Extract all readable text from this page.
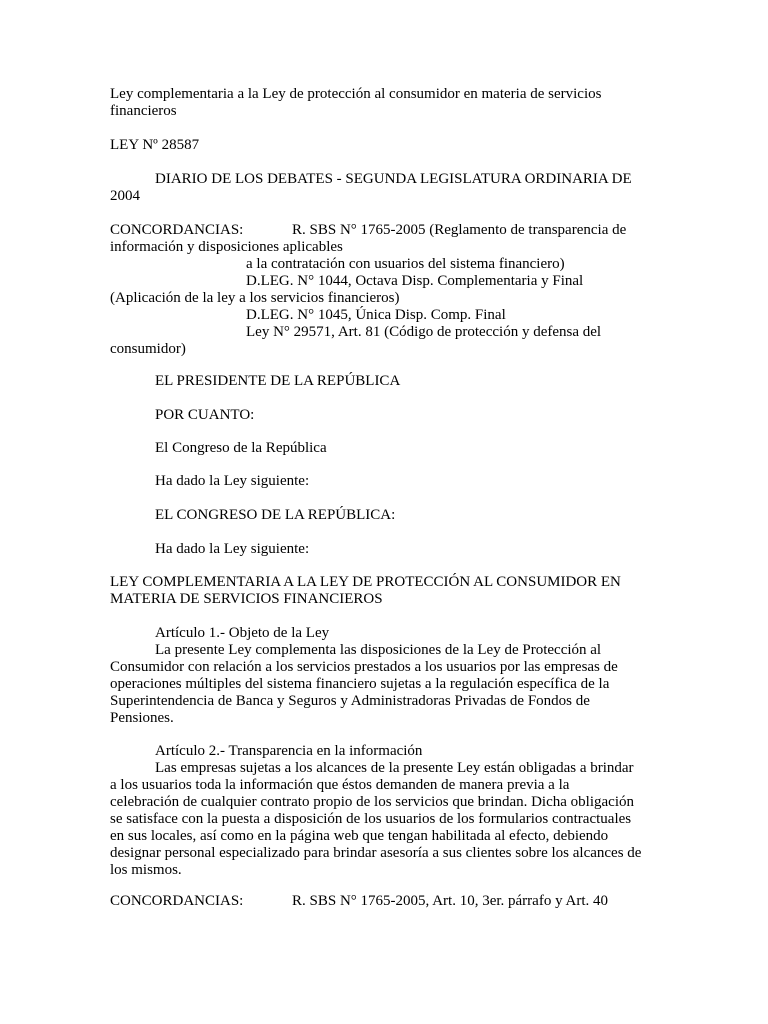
Ley complementaria a la Ley de protección al consumidor en materia de servicios

financieros

LEY Nº 28587

DIARIO DE LOS DEBATES - SEGUNDA LEGISLATURA ORDINARIA DE

2004

CONCORDANCIAS:	R. SBS N° 1765-2005 (Reglamento de transparencia de

información y disposiciones aplicables

a la contratación con usuarios del sistema financiero)

D.LEG. N° 1044, Octava Disp. Complementaria y Final

(Aplicación de la ley a los servicios financieros)

D.LEG. N° 1045, Única Disp. Comp. Final

Ley N° 29571, Art. 81 (Código de protección y defensa del

consumidor)

EL PRESIDENTE DE LA REPÚBLICA

POR CUANTO:

El Congreso de la República

Ha dado la Ley siguiente:

EL CONGRESO DE LA REPÚBLICA:

Ha dado la Ley siguiente:

LEY COMPLEMENTARIA A LA LEY DE PROTECCIÓN AL CONSUMIDOR EN

MATERIA DE SERVICIOS FINANCIEROS

Artículo 1.- Objeto de la Ley

La presente Ley complementa las disposiciones de la Ley de Protección al

Consumidor con relación a los servicios prestados a los usuarios por las empresas de

operaciones múltiples del sistema financiero sujetas a la regulación específica de la

Superintendencia de Banca y Seguros y Administradoras Privadas de Fondos de

Pensiones.

Artículo 2.- Transparencia en la información

Las empresas sujetas a los alcances de la presente Ley están obligadas a brindar

a los usuarios toda la información que éstos demanden de manera previa a la

celebración de cualquier contrato propio de los servicios que brindan. Dicha obligación

se satisface con la puesta a disposición de los usuarios de los formularios contractuales

en sus locales, así como en la página web que tengan habilitada al efecto, debiendo

designar personal especializado para brindar asesoría a sus clientes sobre los alcances de

los mismos.

CONCORDANCIAS:	R. SBS N° 1765-2005, Art. 10, 3er. párrafo y Art. 40
